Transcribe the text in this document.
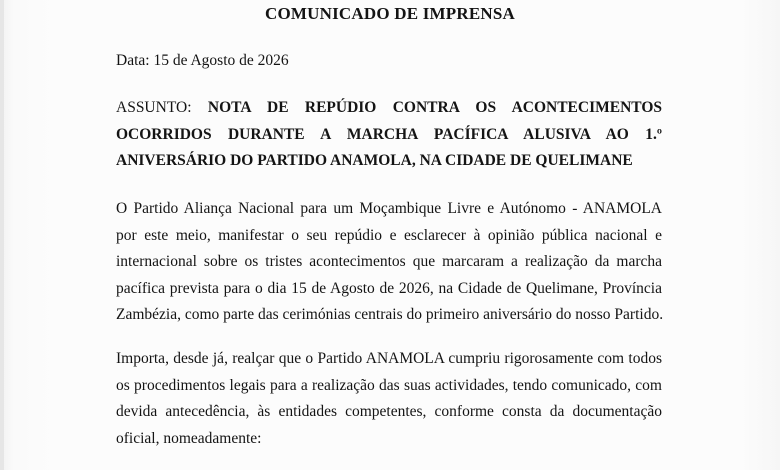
COMUNICADO DE IMPRENSA
Data: 15 de Agosto de 2026
ASSUNTO: NOTA DE REPÚDIO CONTRA OS ACONTECIMENTOS
OCORRIDOS DURANTE A MARCHA PACÍFICA ALUSIVA AO 1.º
ANIVERSÁRIO DO PARTIDO ANAMOLA, NA CIDADE DE QUELIMANE
O Partido Aliança Nacional para um Moçambique Livre e Autónomo - ANAMOLA
por este meio, manifestar o seu repúdio e esclarecer à opinião pública nacional e
internacional sobre os tristes acontecimentos que marcaram a realização da marcha
pacífica prevista para o dia 15 de Agosto de 2026, na Cidade de Quelimane, Província
Zambézia, como parte das cerimónias centrais do primeiro aniversário do nosso Partido.
Importa, desde já, realçar que o Partido ANAMOLA cumpriu rigorosamente com todos
os procedimentos legais para a realização das suas actividades, tendo comunicado, com
devida antecedência, às entidades competentes, conforme consta da documentação
oficial, nomeadamente:
